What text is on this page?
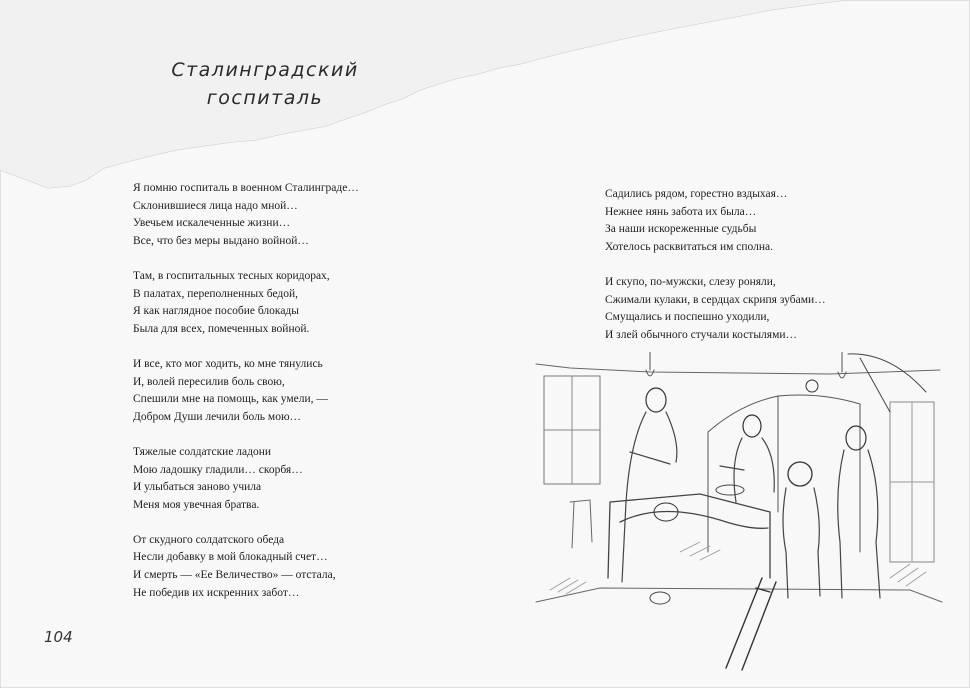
Сталинградский
госпиталь
Я помню госпиталь в военном Сталинграде…
Склонившиеся лица надо мной…
Увечьем искалеченные жизни…
Все, что без меры выдано войной…
Там, в госпитальных тесных коридорах,
В палатах, переполненных бедой,
Я как наглядное пособие блокады
Была для всех, помеченных войной.
И все, кто мог ходить, ко мне тянулись
И, волей пересилив боль свою,
Спешили мне на помощь, как умели, —
Добром Души лечили боль мою…
Тяжелые солдатские ладони
Мою ладошку гладили… скорбя…
И улыбаться заново учила
Меня моя увечная братва.
От скудного солдатского обеда
Несли добавку в мой блокадный счет…
И смерть — «Ее Величество» — отстала,
Не победив их искренних забот…
Садились рядом, горестно вздыхая…
Нежнее нянь забота их была…
За наши искореженные судьбы
Хотелось расквитаться им сполна.
И скупо, по-мужски, слезу роняли,
Сжимали кулаки, в сердцах скрипя зубами…
Смущались и поспешно уходили,
И злей обычного стучали костылями…
104
